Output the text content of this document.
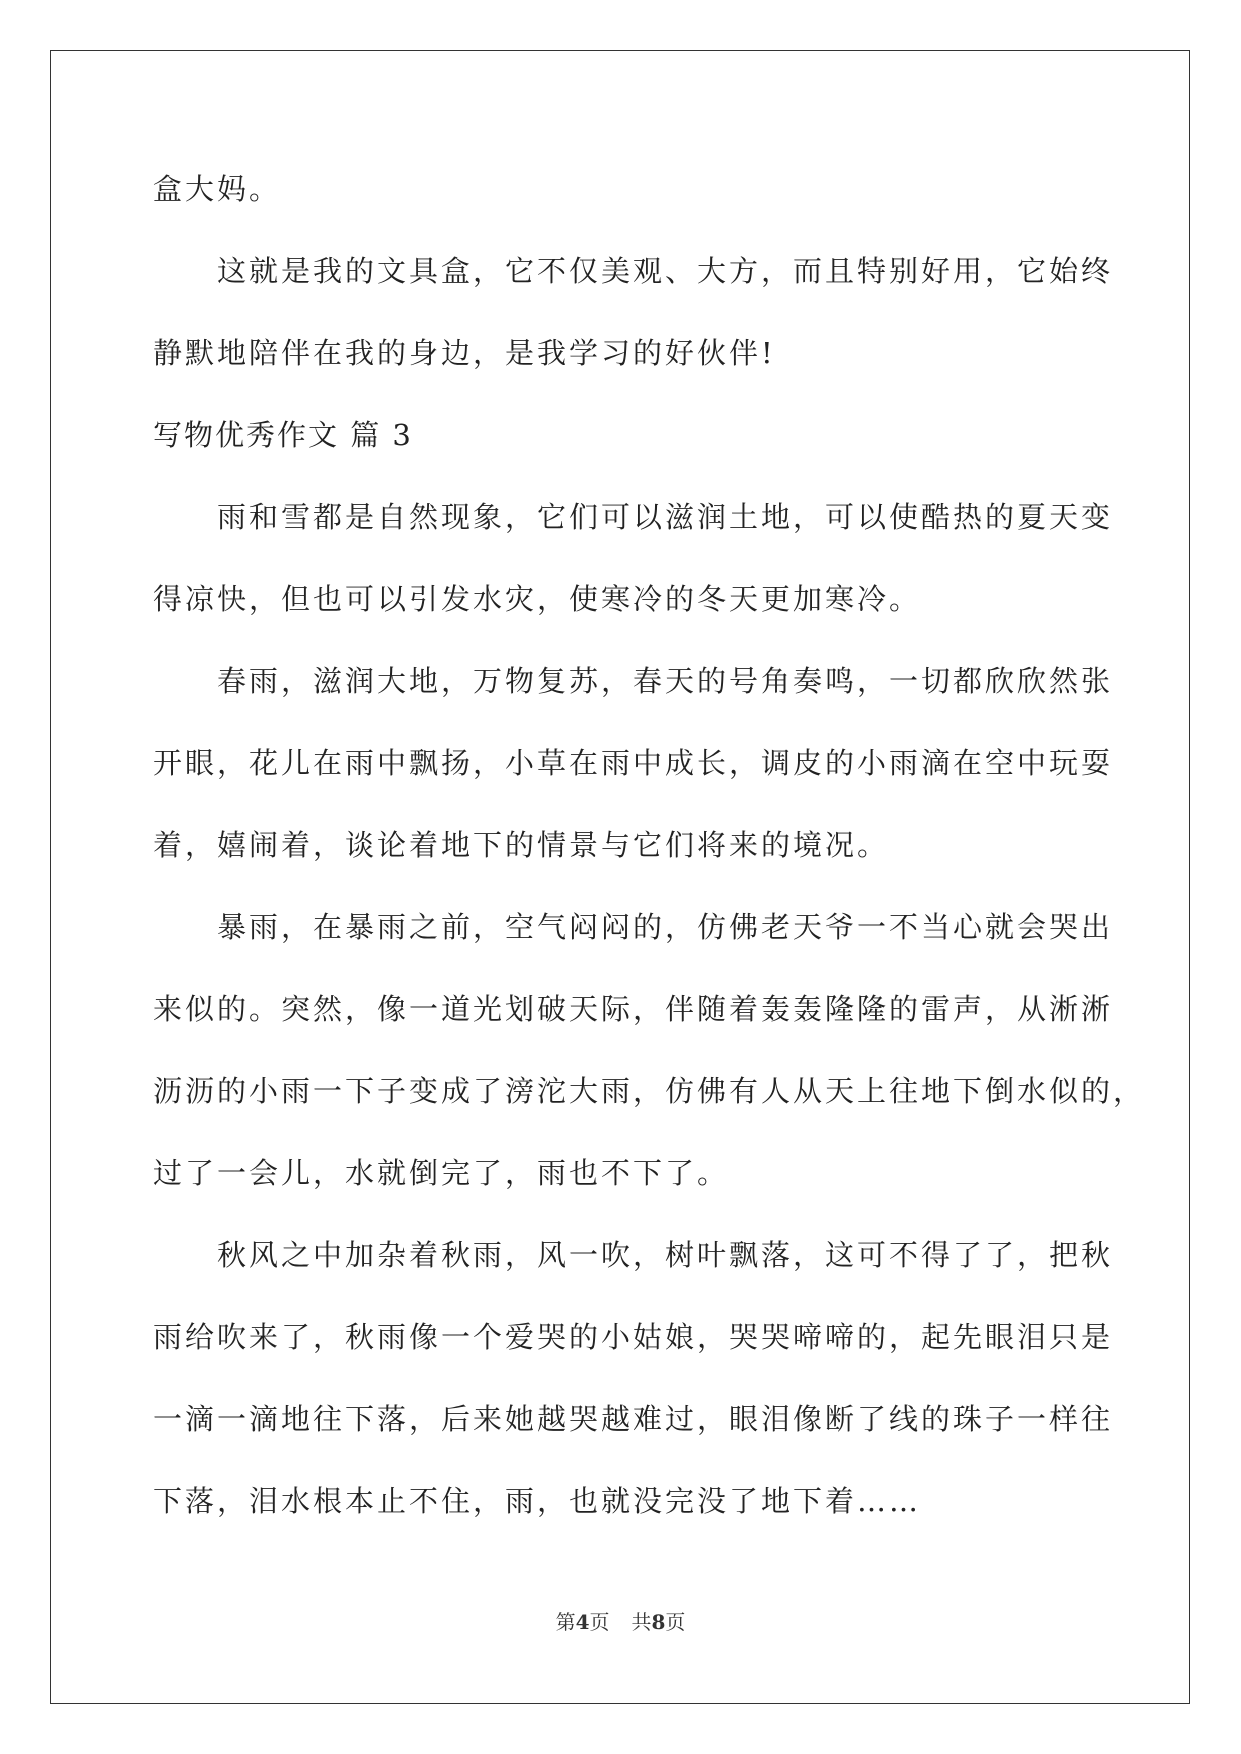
盒大妈。
这就是我的文具盒，它不仅美观、大方，而且特别好用，它始终
静默地陪伴在我的身边，是我学习的好伙伴!
写物优秀作文 篇 3
雨和雪都是自然现象，它们可以滋润土地，可以使酷热的夏天变
得凉快，但也可以引发水灾，使寒冷的冬天更加寒冷。
春雨，滋润大地，万物复苏，春天的号角奏鸣，一切都欣欣然张
开眼，花儿在雨中飘扬，小草在雨中成长，调皮的小雨滴在空中玩耍
着，嬉闹着，谈论着地下的情景与它们将来的境况。
暴雨，在暴雨之前，空气闷闷的，仿佛老天爷一不当心就会哭出
来似的。突然，像一道光划破天际，伴随着轰轰隆隆的雷声，从淅淅
沥沥的小雨一下子变成了滂沱大雨，仿佛有人从天上往地下倒水似的，
过了一会儿，水就倒完了，雨也不下了。
秋风之中加杂着秋雨，风一吹，树叶飘落，这可不得了了，把秋
雨给吹来了，秋雨像一个爱哭的小姑娘，哭哭啼啼的，起先眼泪只是
一滴一滴地往下落，后来她越哭越难过，眼泪像断了线的珠子一样往
下落，泪水根本止不住，雨，也就没完没了地下着……
第4页 共8页
